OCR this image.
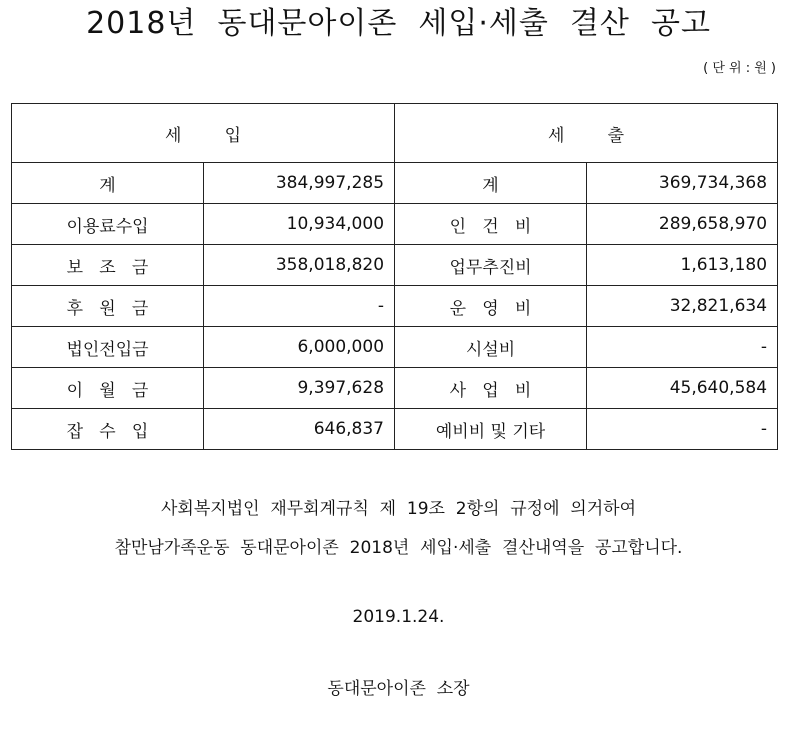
2018년  동대문아이존  세입·세출  결산  공고
( 단 위 : 원 )
세        입		세        출	
계	384,997,285	계	369,734,368
이용료수입	10,934,000	인   건   비	289,658,970
보   조   금	358,018,820	업무추진비	1,613,180
후   원   금	-	운   영   비	32,821,634
법인전입금	6,000,000	시설비	-
이   월   금	9,397,628	사   업   비	45,640,584
잡   수   입	646,837	예비비 및 기타	-
사회복지법인  재무회계규칙  제  19조  2항의  규정에  의거하여
참만남가족운동  동대문아이존  2018년  세입·세출  결산내역을  공고합니다.
2019.1.24.
동대문아이존  소장
